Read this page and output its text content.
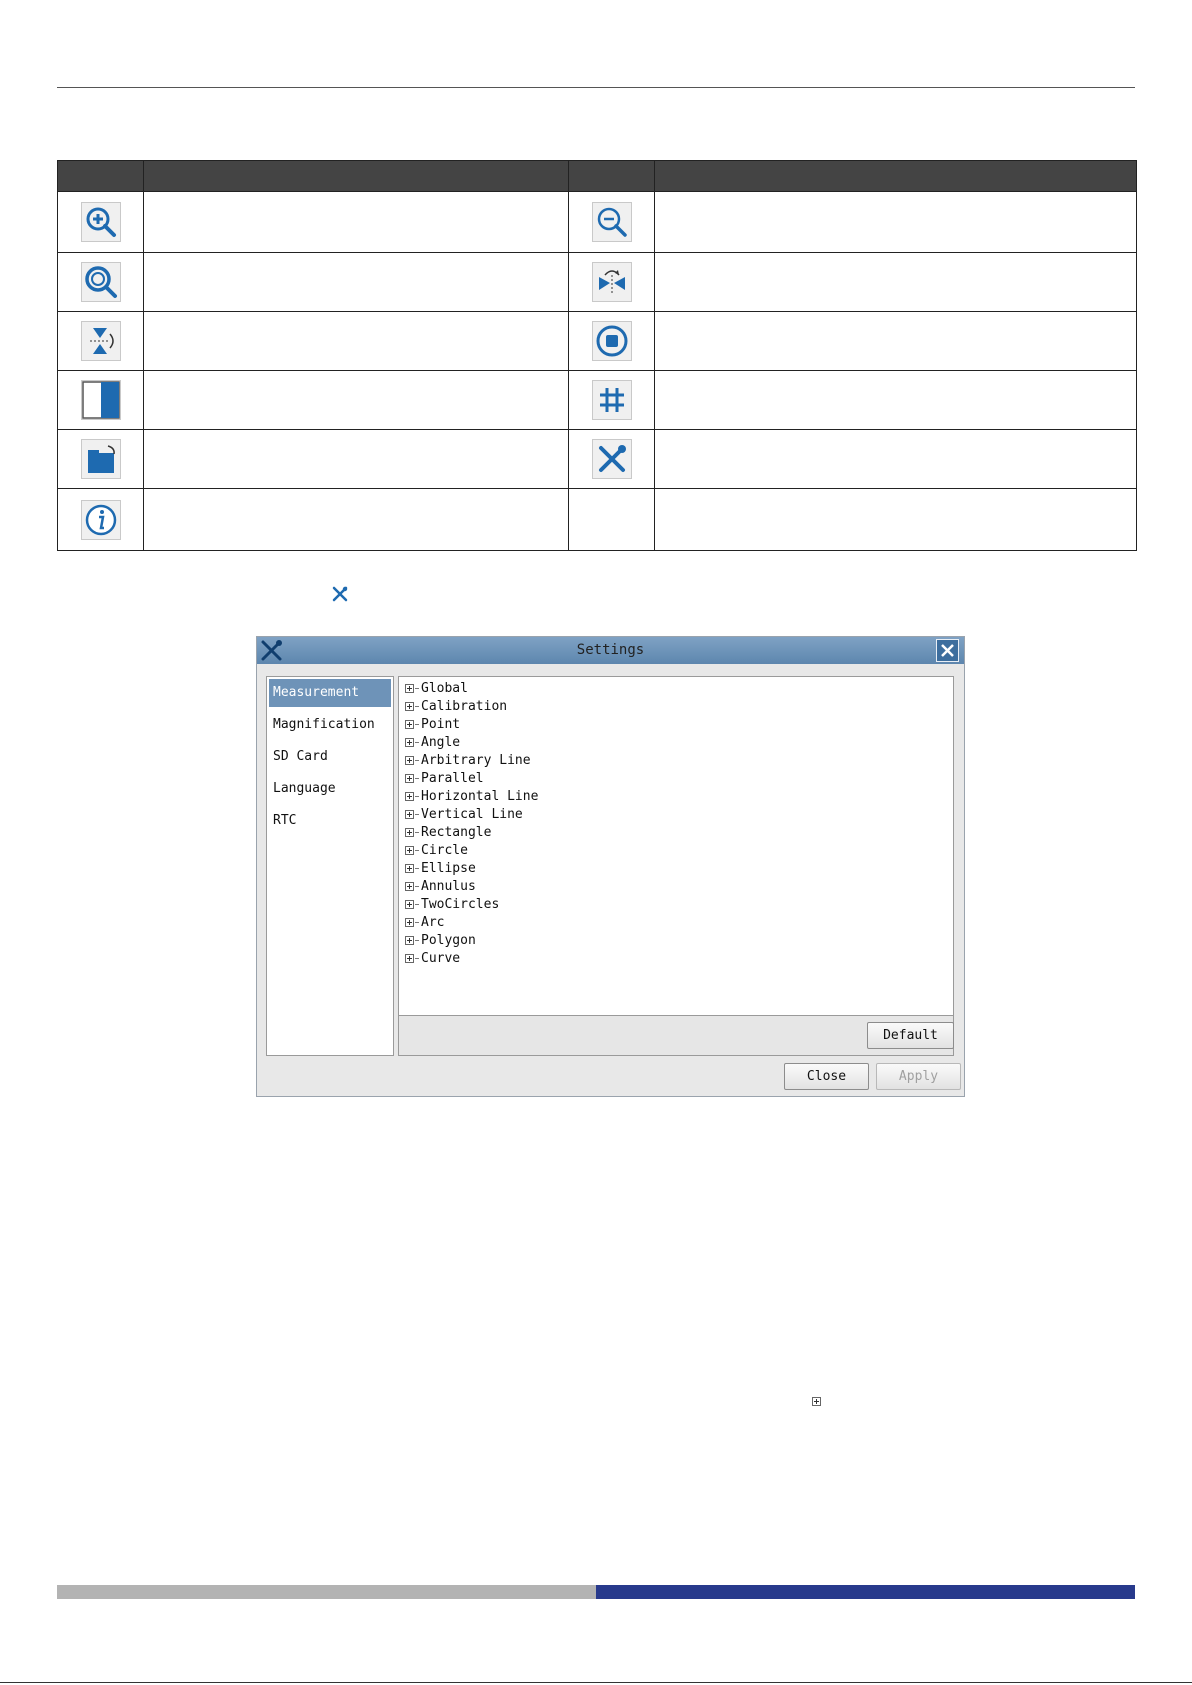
Settings
Measurement
Magnification
SD Card
Language
RTC
Global
Calibration
Point
Angle
Arbitrary Line
Parallel
Horizontal Line
Vertical Line
Rectangle
Circle
Ellipse
Annulus
TwoCircles
Arc
Polygon
Curve
Default
Close	Apply
